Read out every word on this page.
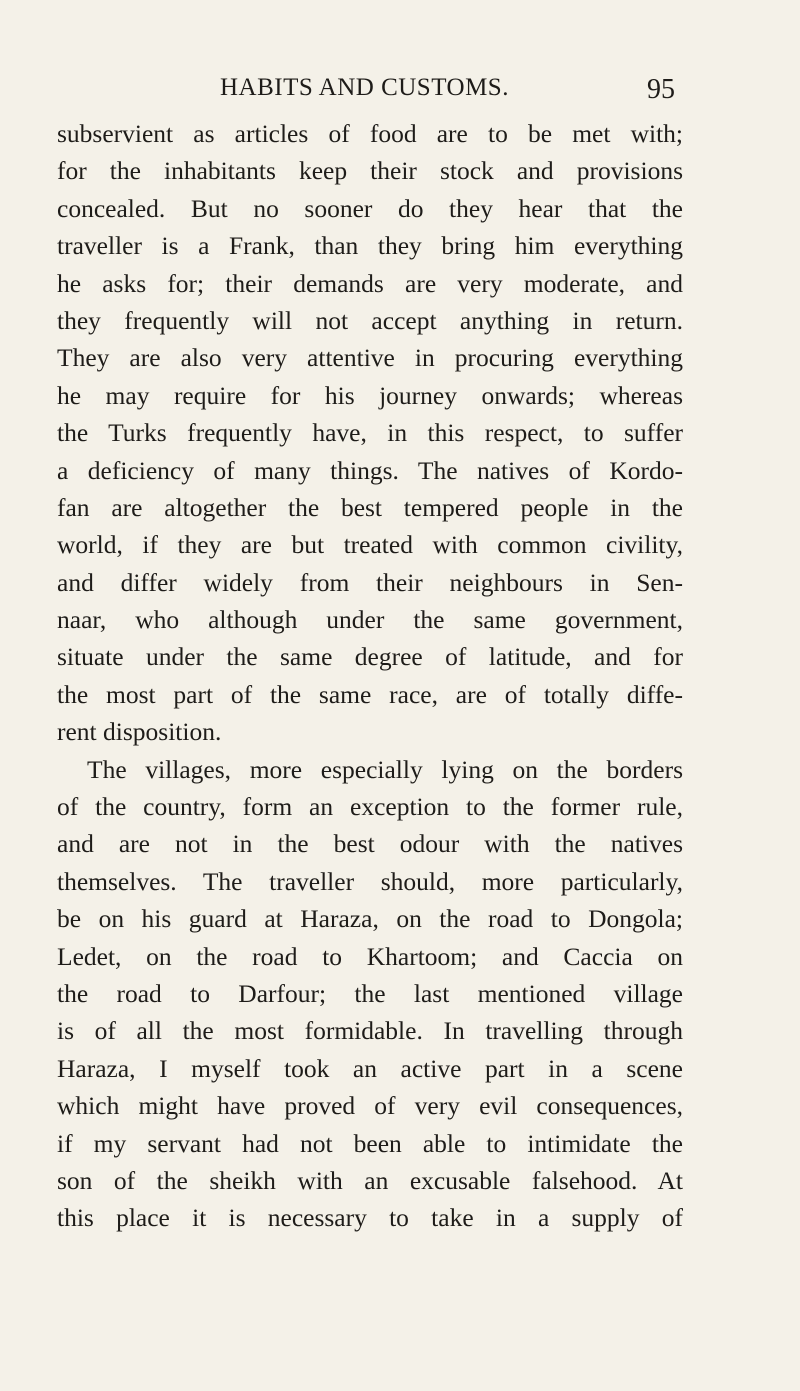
HABITS AND CUSTOMS.	95
subservient as articles of food are to be met with;
for the inhabitants keep their stock and provisions
concealed. But no sooner do they hear that the
traveller is a Frank, than they bring him everything
he asks for; their demands are very moderate, and
they frequently will not accept anything in return.
They are also very attentive in procuring everything
he may require for his journey onwards; whereas
the Turks frequently have, in this respect, to suffer
a deficiency of many things. The natives of Kordo-
fan are altogether the best tempered people in the
world, if they are but treated with common civility,
and differ widely from their neighbours in Sen-
naar, who although under the same government,
situate under the same degree of latitude, and for
the most part of the same race, are of totally diffe-
rent disposition.
The villages, more especially lying on the borders
of the country, form an exception to the former rule,
and are not in the best odour with the natives
themselves. The traveller should, more particularly,
be on his guard at Haraza, on the road to Dongola;
Ledet, on the road to Khartoom; and Caccia on
the road to Darfour; the last mentioned village
is of all the most formidable. In travelling through
Haraza, I myself took an active part in a scene
which might have proved of very evil consequences,
if my servant had not been able to intimidate the
son of the sheikh with an excusable falsehood. At
this place it is necessary to take in a supply of
